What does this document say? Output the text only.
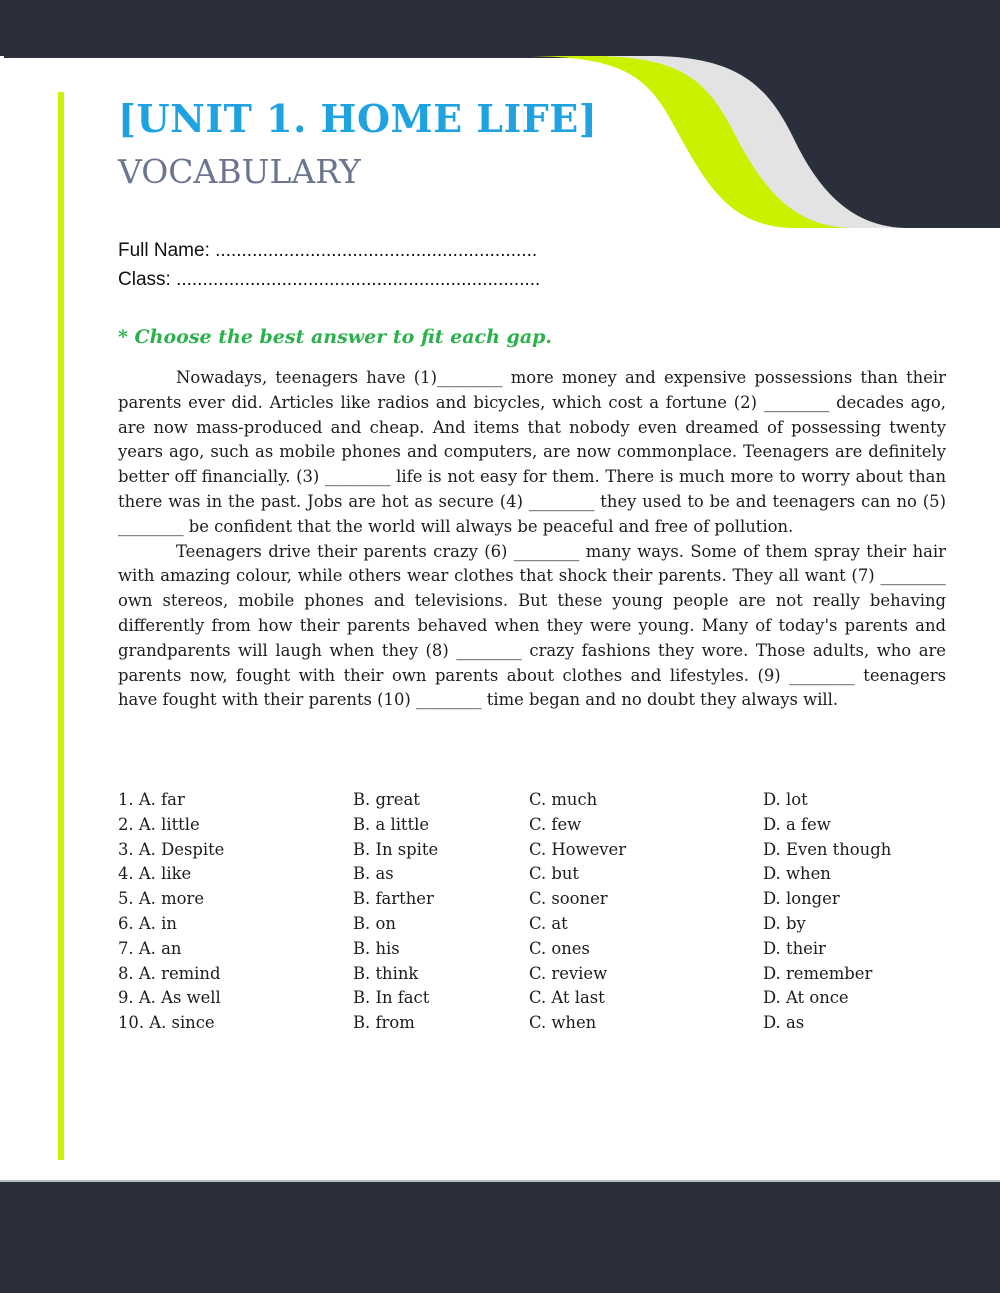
[UNIT 1. HOME LIFE]
VOCABULARY

Full Name: .............................................................

Class: .....................................................................

* Choose the best answer to fit each gap.

Nowadays, teenagers have (1)________ more money and expensive possessions than their parents ever did. Articles like radios and bicycles, which cost a fortune (2) ________ decades ago, are now mass-produced and cheap. And items that nobody even dreamed of possessing twenty years ago, such as mobile phones and computers, are now commonplace. Teenagers are definitely better off financially. (3) ________ life is not easy for them. There is much more to worry about than there was in the past. Jobs are hot as secure (4) ________ they used to be and teenagers can no (5) ________ be confident that the world will always be peaceful and free of pollution.

Teenagers drive their parents crazy (6) ________ many ways. Some of them spray their hair with amazing colour, while others wear clothes that shock their parents. They all want (7) ________ own stereos, mobile phones and televisions. But these young people are not really behaving differently from how their parents behaved when they were young. Many of today's parents and grandparents will laugh when they (8) ________ crazy fashions they wore. Those adults, who are parents now, fought with their own parents about clothes and lifestyles. (9) ________ teenagers have fought with their parents (10) ________ time began and no doubt they always will.

1. A. far	B. great	C. much	D. lot
2. A. little	B. a little	C. few	D. a few
3. A. Despite	B. In spite	C. However	D. Even though
4. A. like	B. as	C. but	D. when
5. A. more	B. farther	C. sooner	D. longer
6. A. in	B. on	C. at	D. by
7. A. an	B. his	C. ones	D. their
8. A. remind	B. think	C. review	D. remember
9. A. As well	B. In fact	C. At last	D. At once
10. A. since	B. from	C. when	D. as
